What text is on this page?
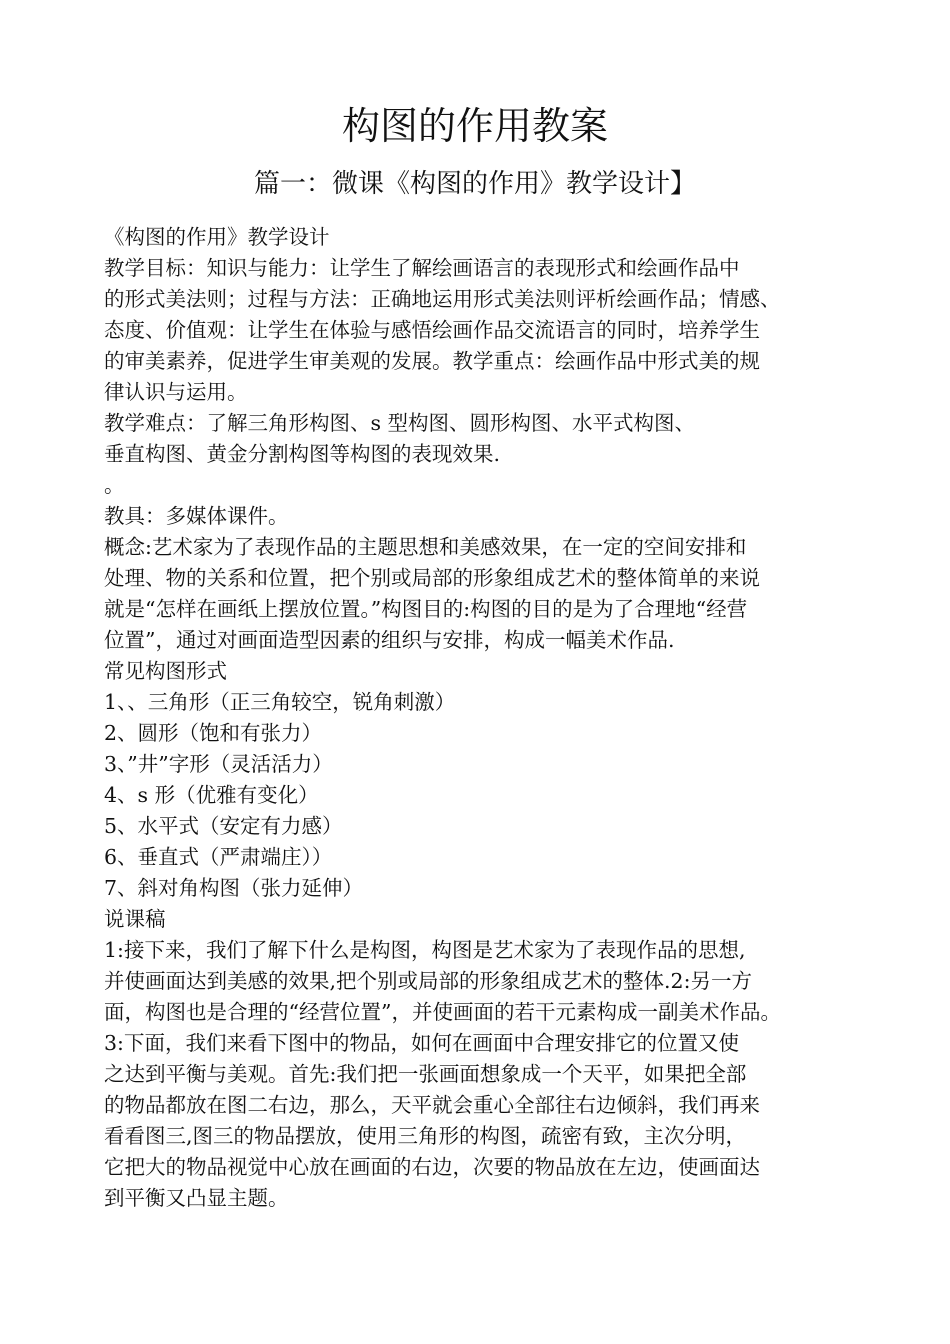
构图的作用教案
篇一：微课《构图的作用》教学设计】
《构图的作用》教学设计
教学目标：知识与能力：让学生了解绘画语言的表现形式和绘画作品中
的形式美法则；过程与方法：正确地运用形式美法则评析绘画作品；情感、
态度、价值观：让学生在体验与感悟绘画作品交流语言的同时，培养学生
的审美素养，促进学生审美观的发展。教学重点：绘画作品中形式美的规
律认识与运用。
教学难点：了解三角形构图、s 型构图、圆形构图、水平式构图、
垂直构图、黄金分割构图等构图的表现效果.
。
教具：多媒体课件。
概念:艺术家为了表现作品的主题思想和美感效果，在一定的空间安排和
处理、物的关系和位置，把个别或局部的形象组成艺术的整体简单的来说
就是“怎样在画纸上摆放位置。”构图目的:构图的目的是为了合理地“经营
位置”，通过对画面造型因素的组织与安排，构成一幅美术作品.
常见构图形式
1、、三角形（正三角较空，锐角刺激）
2、圆形（饱和有张力）
3、”井”字形（灵活活力）
4、s 形（优雅有变化）
5、水平式（安定有力感）
6、垂直式（严肃端庄））
7、斜对角构图（张力延伸）
说课稿
1:接下来，我们了解下什么是构图，构图是艺术家为了表现作品的思想,
并使画面达到美感的效果,把个别或局部的形象组成艺术的整体.2:另一方
面，构图也是合理的“经营位置”，并使画面的若干元素构成一副美术作品。
3:下面，我们来看下图中的物品，如何在画面中合理安排它的位置又使
之达到平衡与美观。首先:我们把一张画面想象成一个天平，如果把全部
的物品都放在图二右边，那么，天平就会重心全部往右边倾斜，我们再来
看看图三,图三的物品摆放，使用三角形的构图，疏密有致，主次分明，
它把大的物品视觉中心放在画面的右边，次要的物品放在左边，使画面达
到平衡又凸显主题。
